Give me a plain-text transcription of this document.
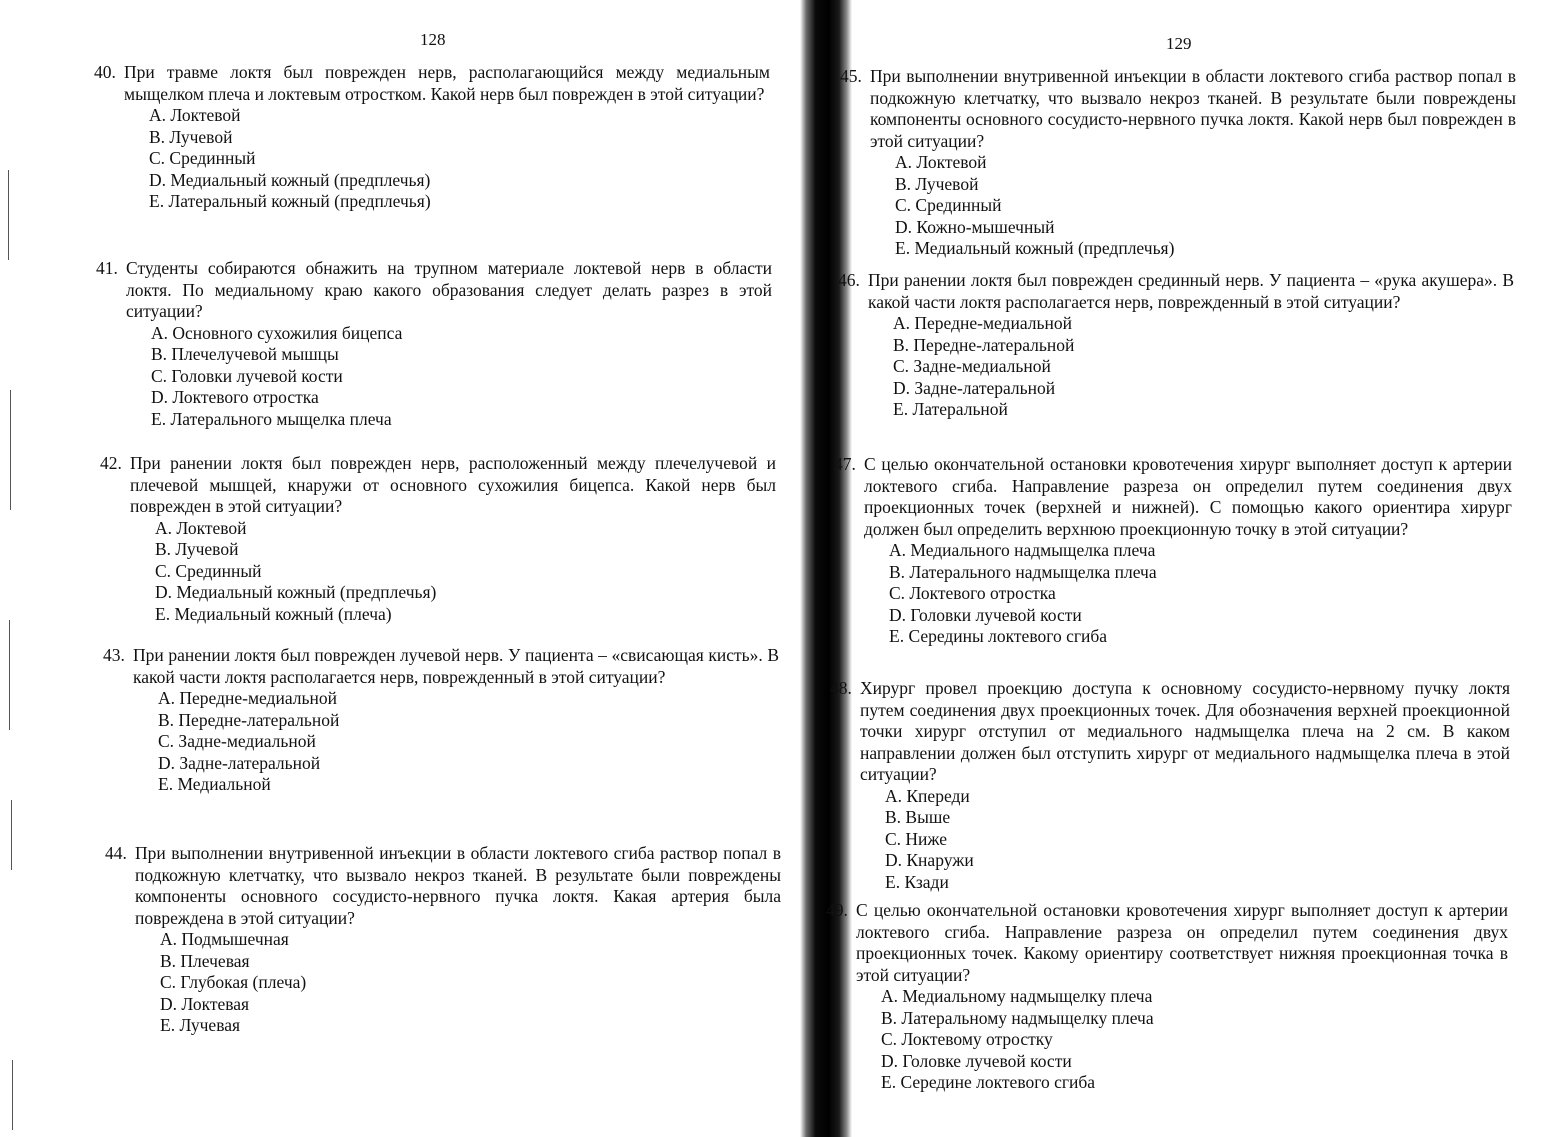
128
40. При травме локтя был поврежден нерв, располагающийся между медиальным мыщелком плеча и локтевым отростком. Какой нерв был поврежден в этой ситуации?
A. Локтевой
B. Лучевой
C. Срединный
D. Медиальный кожный (предплечья)
E. Латеральный кожный (предплечья)
41. Студенты собираются обнажить на трупном материале локтевой нерв в области локтя. По медиальному краю какого образования следует делать разрез в этой ситуации?
A. Основного сухожилия бицепса
B. Плечелучевой мышцы
C. Головки лучевой кости
D. Локтевого отростка
E. Латерального мыщелка плеча
42. При ранении локтя был поврежден нерв, расположенный между плечелучевой и плечевой мышцей, кнаружи от основного сухожилия бицепса. Какой нерв был поврежден в этой ситуации?
A. Локтевой
B. Лучевой
C. Срединный
D. Медиальный кожный (предплечья)
E. Медиальный кожный (плеча)
43. При ранении локтя был поврежден лучевой нерв. У пациента – «свисающая кисть». В какой части локтя располагается нерв, поврежденный в этой ситуации?
A. Передне-медиальной
B. Передне-латеральной
C. Задне-медиальной
D. Задне-латеральной
E. Медиальной
44. При выполнении внутривенной инъекции в области локтевого сгиба раствор попал в подкожную клетчатку, что вызвало некроз тканей. В результате были повреждены компоненты основного сосудисто-нервного пучка локтя. Какая артерия была повреждена в этой ситуации?
A. Подмышечная
B. Плечевая
C. Глубокая (плеча)
D. Локтевая
E. Лучевая
129
45. При выполнении внутривенной инъекции в области локтевого сгиба раствор попал в подкожную клетчатку, что вызвало некроз тканей. В результате были повреждены компоненты основного сосудисто-нервного пучка локтя. Какой нерв был поврежден в этой ситуации?
A. Локтевой
B. Лучевой
C. Срединный
D. Кожно-мышечный
E. Медиальный кожный (предплечья)
46. При ранении локтя был поврежден срединный нерв. У пациента – «рука акушера». В какой части локтя располагается нерв, поврежденный в этой ситуации?
A. Передне-медиальной
B. Передне-латеральной
C. Задне-медиальной
D. Задне-латеральной
E. Латеральной
47. С целью окончательной остановки кровотечения хирург выполняет доступ к артерии локтевого сгиба. Направление разреза он определил путем соединения двух проекционных точек (верхней и нижней). С помощью какого ориентира хирург должен был определить верхнюю проекционную точку в этой ситуации?
A. Медиального надмыщелка плеча
B. Латерального надмыщелка плеча
C. Локтевого отростка
D. Головки лучевой кости
E. Середины локтевого сгиба
48. Хирург провел проекцию доступа к основному сосудисто-нервному пучку локтя путем соединения двух проекционных точек. Для обозначения верхней проекционной точки хирург отступил от медиального надмыщелка плеча на 2 см. В каком направлении должен был отступить хирург от медиального надмыщелка плеча в этой ситуации?
A. Кпереди
B. Выше
C. Ниже
D. Кнаружи
E. Кзади
49. С целью окончательной остановки кровотечения хирург выполняет доступ к артерии локтевого сгиба. Направление разреза он определил путем соединения двух проекционных точек. Какому ориентиру соответствует нижняя проекционная точка в этой ситуации?
A. Медиальному надмыщелку плеча
B. Латеральному надмыщелку плеча
C. Локтевому отростку
D. Головке лучевой кости
E. Середине локтевого сгиба
